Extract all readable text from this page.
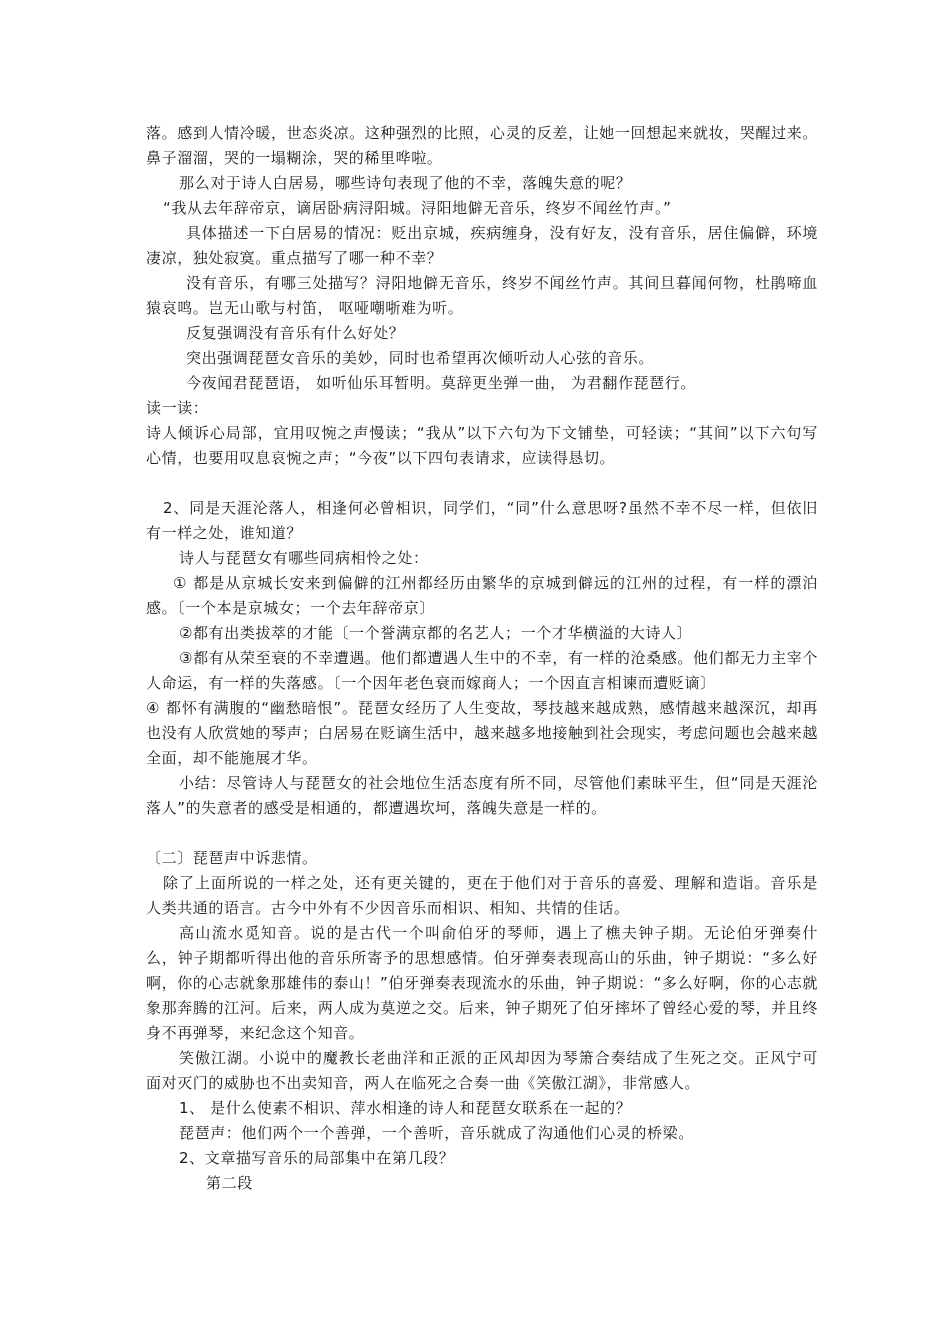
落。感到人情冷暖，世态炎凉。这种强烈的比照，心灵的反差，让她一回想起来就妆，哭醒过来。鼻子溜溜，哭的一塌糊涂，哭的稀里哗啦。

那么对于诗人白居易，哪些诗句表现了他的不幸，落魄失意的呢？

“我从去年辞帝京，谪居卧病浔阳城。浔阳地僻无音乐，终岁不闻丝竹声。”

具体描述一下白居易的情况：贬出京城，疾病缠身，没有好友，没有音乐，居住偏僻，环境凄凉，独处寂寞。重点描写了哪一种不幸？

没有音乐，有哪三处描写？浔阳地僻无音乐，终岁不闻丝竹声。其间旦暮闻何物，杜鹃啼血猿哀鸣。岂无山歌与村笛， 呕哑嘲哳难为听。

反复强调没有音乐有什么好处？

突出强调琵琶女音乐的美妙，同时也希望再次倾听动人心弦的音乐。

今夜闻君琵琶语， 如听仙乐耳暂明。莫辞更坐弹一曲， 为君翻作琵琶行。

读一读：

诗人倾诉心局部，宜用叹惋之声慢读；“我从”以下六句为下文铺垫，可轻读；“其间”以下六句写心情，也要用叹息哀惋之声；“今夜”以下四句表请求，应读得恳切。

2、同是天涯沦落人，相逢何必曾相识，同学们，“同”什么意思呀?虽然不幸不尽一样，但依旧有一样之处，谁知道？

诗人与琵琶女有哪些同病相怜之处：

① 都是从京城长安来到偏僻的江州都经历由繁华的京城到僻远的江州的过程，有一样的漂泊感。〔一个本是京城女；一个去年辞帝京〕

②都有出类拔萃的才能〔一个誉满京都的名艺人；一个才华横溢的大诗人〕

③都有从荣至衰的不幸遭遇。他们都遭遇人生中的不幸，有一样的沧桑感。他们都无力主宰个人命运，有一样的失落感。〔一个因年老色衰而嫁商人；一个因直言相谏而遭贬谪〕

④ 都怀有满腹的“幽愁暗恨”。琵琶女经历了人生变故，琴技越来越成熟，感情越来越深沉，却再也没有人欣赏她的琴声；白居易在贬谪生活中，越来越多地接触到社会现实，考虑问题也会越来越全面，却不能施展才华。

小结：尽管诗人与琵琶女的社会地位生活态度有所不同，尽管他们素昧平生，但“同是天涯沦落人”的失意者的感受是相通的，都遭遇坎坷，落魄失意是一样的。

〔二〕琵琶声中诉悲情。

除了上面所说的一样之处，还有更关键的，更在于他们对于音乐的喜爱、理解和造诣。音乐是人类共通的语言。古今中外有不少因音乐而相识、相知、共情的佳话。

高山流水觅知音。说的是古代一个叫俞伯牙的琴师，遇上了樵夫钟子期。无论伯牙弹奏什么，钟子期都听得出他的音乐所寄予的思想感情。伯牙弹奏表现高山的乐曲，钟子期说：“多么好啊，你的心志就象那雄伟的泰山！”伯牙弹奏表现流水的乐曲，钟子期说：“多么好啊，你的心志就象那奔腾的江河。后来，两人成为莫逆之交。后来，钟子期死了伯牙摔坏了曾经心爱的琴，并且终身不再弹琴，来纪念这个知音。

笑傲江湖。小说中的魔教长老曲洋和正派的正风却因为琴箫合奏结成了生死之交。正风宁可面对灭门的威胁也不出卖知音，两人在临死之合奏一曲《笑傲江湖》，非常感人。

1、 是什么使素不相识、萍水相逢的诗人和琵琶女联系在一起的？

琵琶声：他们两个一个善弹，一个善听，音乐就成了沟通他们心灵的桥梁。

2、文章描写音乐的局部集中在第几段？

第二段
